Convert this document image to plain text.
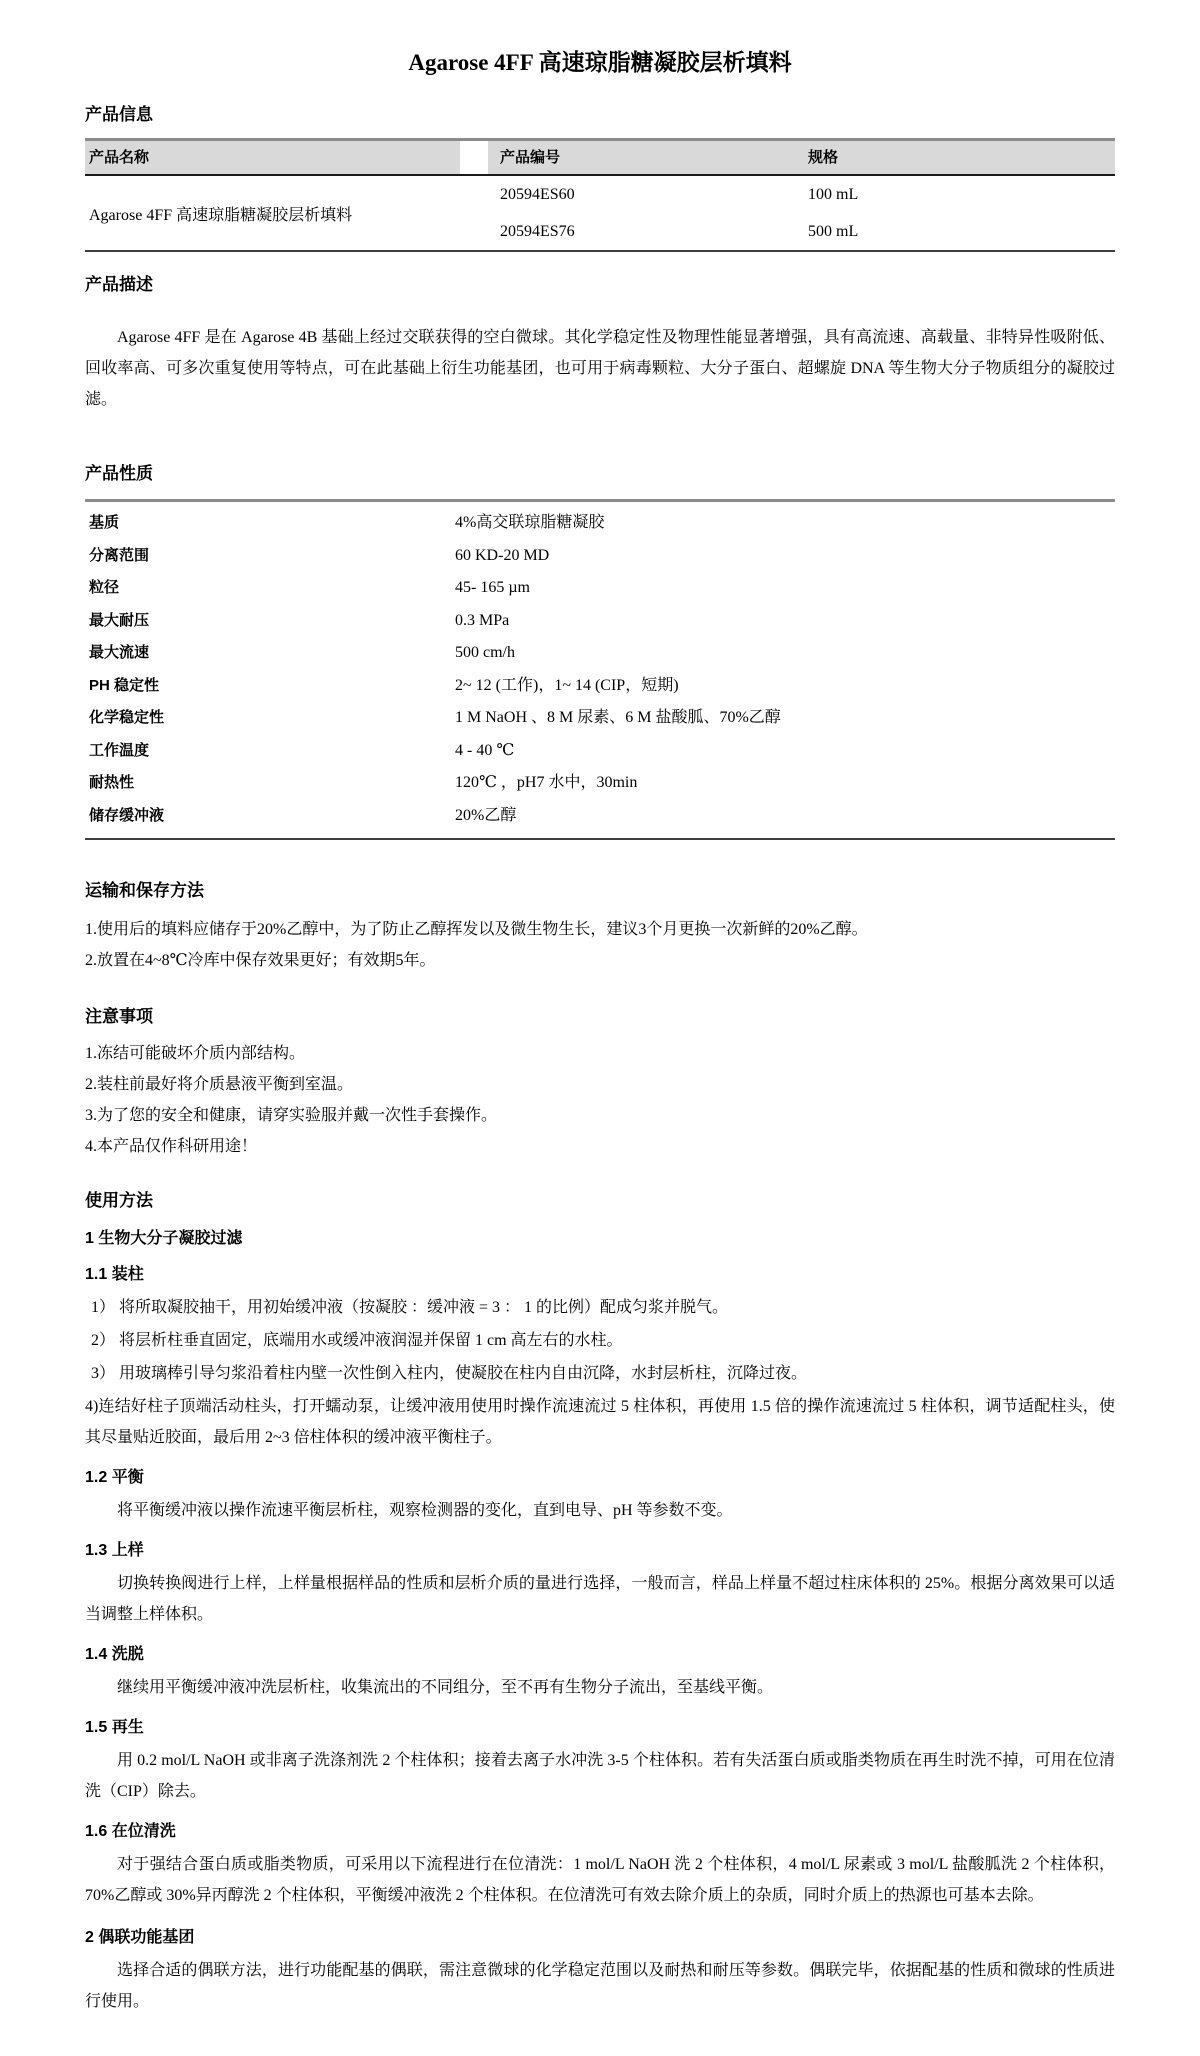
Agarose 4FF 高速琼脂糖凝胶层析填料
产品信息
产品名称	产品编号	规格
Agarose 4FF 高速琼脂糖凝胶层析填料
20594ES60	100 mL
20594ES76	500 mL
产品描述

Agarose 4FF 是在 Agarose 4B 基础上经过交联获得的空白微球。其化学稳定性及物理性能显著增强，具有高流速、高载量、非特异性吸附低、回收率高、可多次重复使用等特点，可在此基础上衍生功能基团，也可用于病毒颗粒、大分子蛋白、超螺旋 DNA 等生物大分子物质组分的凝胶过滤。

产品性质
基质	4%高交联琼脂糖凝胶
分离范围	60 KD-20 MD
粒径	45- 165 µm
最大耐压	0.3 MPa
最大流速	500 cm/h
PH 稳定性	2~ 12 (工作)，1~ 14 (CIP，短期)
化学稳定性	1 M NaOH 、8 M 尿素、6 M 盐酸胍、70%乙醇
工作温度	4 - 40 ℃
耐热性	120℃ ，pH7 水中，30min
储存缓冲液	20%乙醇
运输和保存方法
1.使用后的填料应储存于20%乙醇中，为了防止乙醇挥发以及微生物生长，建议3个月更换一次新鲜的20%乙醇。
2.放置在4~8℃冷库中保存效果更好；有效期5年。
注意事项
1.冻结可能破坏介质内部结构。
2.装柱前最好将介质悬液平衡到室温。
3.为了您的安全和健康，请穿实验服并戴一次性手套操作。
4.本产品仅作科研用途！
使用方法
1 生物大分子凝胶过滤
1.1 装柱
1） 将所取凝胶抽干，用初始缓冲液（按凝胶 ：缓冲液 = 3 ： 1 的比例）配成匀浆并脱气。
2） 将层析柱垂直固定，底端用水或缓冲液润湿并保留 1 cm 高左右的水柱。
3） 用玻璃棒引导匀浆沿着柱内壁一次性倒入柱内，使凝胶在柱内自由沉降，水封层析柱，沉降过夜。
4)连结好柱子顶端活动柱头，打开蠕动泵，让缓冲液用使用时操作流速流过 5 柱体积，再使用 1.5 倍的操作流速流过 5 柱体积，调节适配柱头，使其尽量贴近胶面，最后用 2~3 倍柱体积的缓冲液平衡柱子。
1.2 平衡

将平衡缓冲液以操作流速平衡层析柱，观察检测器的变化，直到电导、pH 等参数不变。

1.3 上样

切换转换阀进行上样，上样量根据样品的性质和层析介质的量进行选择，一般而言，样品上样量不超过柱床体积的 25%。根据分离效果可以适当调整上样体积。

1.4 洗脱

继续用平衡缓冲液冲洗层析柱，收集流出的不同组分，至不再有生物分子流出，至基线平衡。

1.5 再生

用 0.2 mol/L NaOH 或非离子洗涤剂洗 2 个柱体积；接着去离子水冲洗 3-5 个柱体积。若有失活蛋白质或脂类物质在再生时洗不掉，可用在位清洗（CIP）除去。

1.6 在位清洗

对于强结合蛋白质或脂类物质，可采用以下流程进行在位清洗：1 mol/L NaOH 洗 2 个柱体积，4 mol/L 尿素或 3 mol/L 盐酸胍洗 2 个柱体积，70%乙醇或 30%异丙醇洗 2 个柱体积，平衡缓冲液洗 2 个柱体积。在位清洗可有效去除介质上的杂质，同时介质上的热源也可基本去除。

2 偶联功能基团

选择合适的偶联方法，进行功能配基的偶联，需注意微球的化学稳定范围以及耐热和耐压等参数。偶联完毕，依据配基的性质和微球的性质进行使用。
